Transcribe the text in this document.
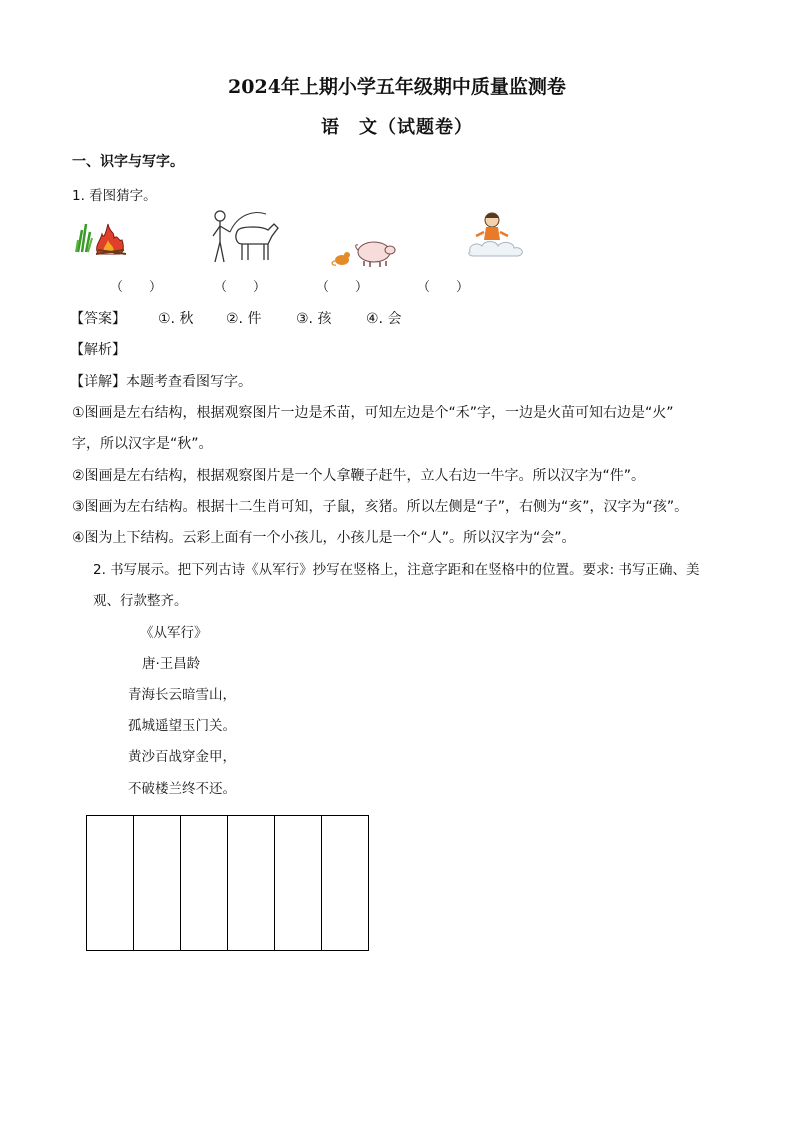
2024年上期小学五年级期中质量监测卷
语　文（试题卷）
一、识字与写字。
1. 看图猜字。
（　　）	（　　）	（　　）	（　　）
【答案】 ①. 秋 ②. 件 ③. 孩 ④. 会
【解析】
【详解】本题考查看图写字。
①图画是左右结构，根据观察图片一边是禾苗，可知左边是个“禾”字，一边是火苗可知右边是“火”
字，所以汉字是“秋”。
②图画是左右结构，根据观察图片是一个人拿鞭子赶牛，立人右边一牛字。所以汉字为“件”。
③图画为左右结构。根据十二生肖可知，子鼠，亥猪。所以左侧是“子”，右侧为“亥”，汉字为“孩”。
④图为上下结构。云彩上面有一个小孩儿，小孩儿是一个“人”。所以汉字为“会”。
2. 书写展示。把下列古诗《从军行》抄写在竖格上，注意字距和在竖格中的位置。要求: 书写正确、美
观、行款整齐。
《从军行》
唐·王昌龄
青海长云暗雪山，
孤城遥望玉门关。
黄沙百战穿金甲，
不破楼兰终不还。
